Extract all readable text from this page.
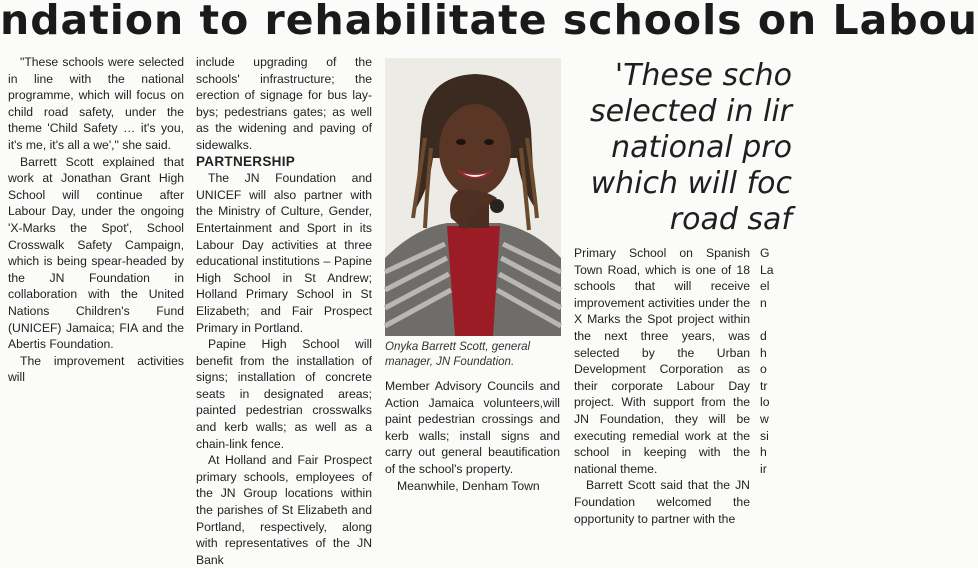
ndation to rehabilitate schools on Labou

"These schools were selected in line with the national programme, which will focus on child road safety, under the theme 'Child Safety … it's you, it's me, it's all a we'," she said.

Barrett Scott explained that work at Jonathan Grant High School will continue after Labour Day, under the ongoing 'X-Marks the Spot', School Crosswalk Safety Campaign, which is being spear-headed by the JN Foundation in collaboration with the United Nations Children's Fund (UNICEF) Jamaica; FIA and the Abertis Foundation.

The improvement activities will

include upgrading of the schools' infrastructure; the erection of signage for bus lay-bys; pedestrians gates; as well as the widening and paving of sidewalks.

PARTNERSHIP

The JN Foundation and UNICEF will also partner with the Ministry of Culture, Gender, Entertainment and Sport in its Labour Day activities at three educational institutions – Papine High School in St Andrew; Holland Primary School in St Elizabeth; and Fair Prospect Primary in Portland.

Papine High School will benefit from the installation of signs; installation of concrete seats in designated areas; painted pedestrian crosswalks and kerb walls; as well as a chain-link fence.

At Holland and Fair Prospect primary schools, employees of the JN Group locations within the parishes of St Elizabeth and Portland, respectively, along with representatives of the JN Bank

Onyka Barrett Scott, general manager, JN Foundation.

Member Advisory Councils and Action Jamaica volunteers,will paint pedestrian crossings and kerb walls; install signs and carry out general beautification of the school's property.

Meanwhile, Denham Town

'These scho
selected in lir
national pro
which will foc
road saf

Primary School on Spanish Town Road, which is one of 18 schools that will receive improvement activities under the X Marks the Spot project within the next three years, was selected by the Urban Development Corporation as their corporate Labour Day project. With support from the JN Foundation, they will be executing remedial work at the school in keeping with the national theme.

Barrett Scott said that the JN Foundation welcomed the opportunity to partner with the

G

La

el

n

d

h

o

tr

lo

w

si

h

ir
